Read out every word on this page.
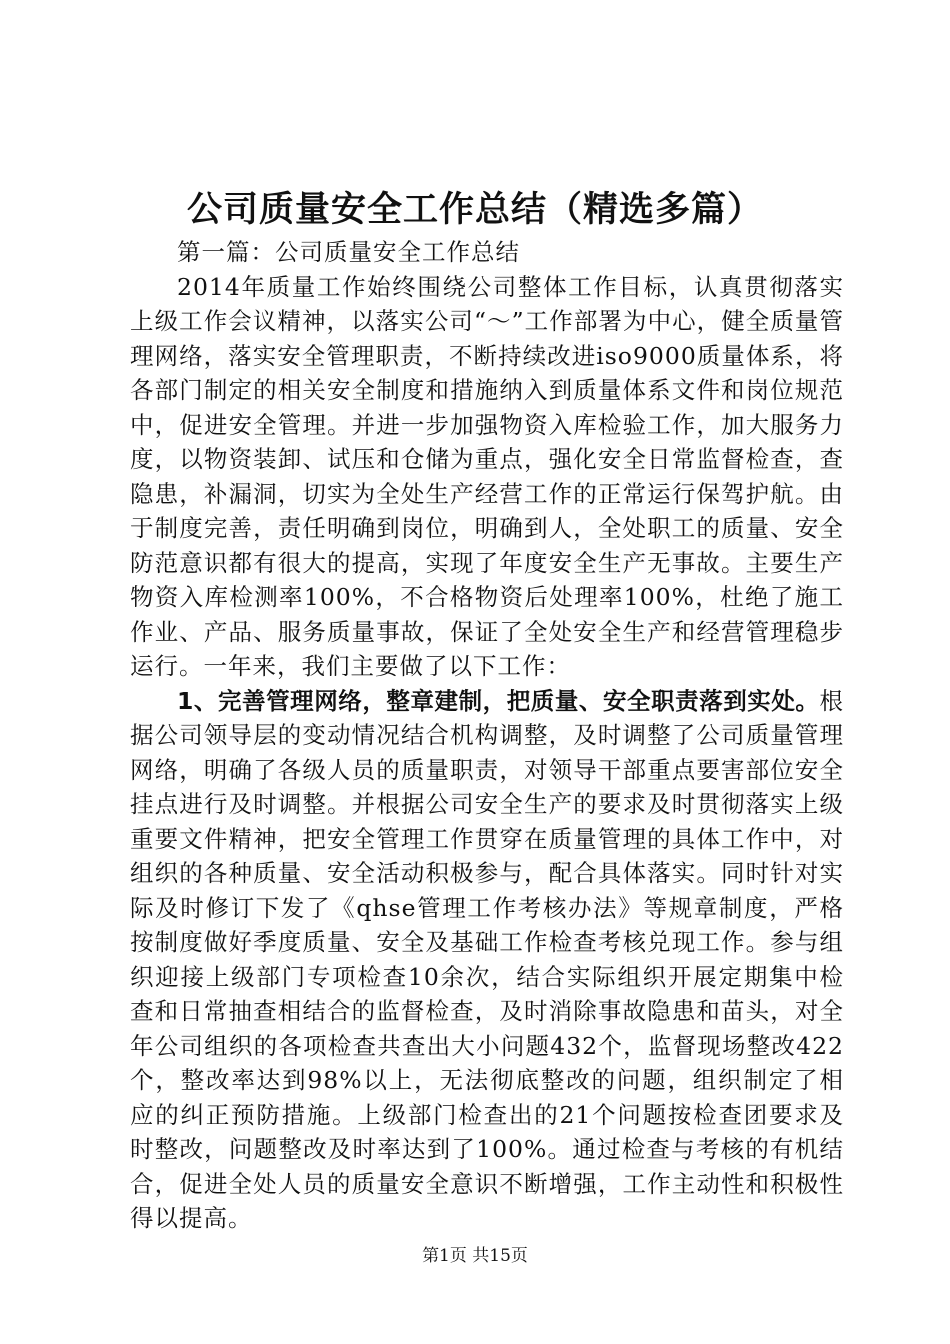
公司质量安全工作总结（精选多篇）

第一篇：公司质量安全工作总结

2014年质量工作始终围绕公司整体工作目标，认真贯彻落实上级工作会议精神，以落实公司“～”工作部署为中心，健全质量管理网络，落实安全管理职责，不断持续改进iso9000质量体系，将各部门制定的相关安全制度和措施纳入到质量体系文件和岗位规范中，促进安全管理。并进一步加强物资入库检验工作，加大服务力度，以物资装卸、试压和仓储为重点，强化安全日常监督检查，查隐患，补漏洞，切实为全处生产经营工作的正常运行保驾护航。由于制度完善，责任明确到岗位，明确到人，全处职工的质量、安全防范意识都有很大的提高，实现了年度安全生产无事故。主要生产物资入库检测率100%，不合格物资后处理率100%，杜绝了施工作业、产品、服务质量事故，保证了全处安全生产和经营管理稳步运行。一年来，我们主要做了以下工作：

1、完善管理网络，整章建制，把质量、安全职责落到实处。根据公司领导层的变动情况结合机构调整，及时调整了公司质量管理网络，明确了各级人员的质量职责，对领导干部重点要害部位安全挂点进行及时调整。并根据公司安全生产的要求及时贯彻落实上级重要文件精神，把安全管理工作贯穿在质量管理的具体工作中，对组织的各种质量、安全活动积极参与，配合具体落实。同时针对实际及时修订下发了《qhse管理工作考核办法》等规章制度，严格按制度做好季度质量、安全及基础工作检查考核兑现工作。参与组织迎接上级部门专项检查10余次，结合实际组织开展定期集中检查和日常抽查相结合的监督检查，及时消除事故隐患和苗头，对全年公司组织的各项检查共查出大小问题432个，监督现场整改422个，整改率达到98%以上，无法彻底整改的问题，组织制定了相应的纠正预防措施。上级部门检查出的21个问题按检查团要求及时整改，问题整改及时率达到了100%。通过检查与考核的有机结合，促进全处人员的质量安全意识不断增强，工作主动性和积极性得以提高。

第1页 共15页
